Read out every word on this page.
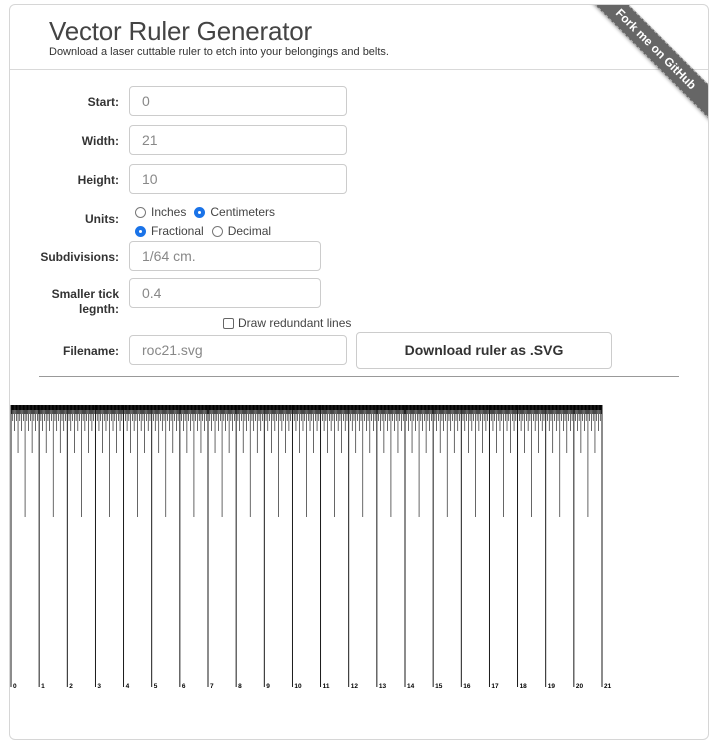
Vector Ruler Generator
Download a laser cuttable ruler to etch into your belongings and belts.	Fork me on GitHub
Start:	0
Width:	21
Height:	10
Units:	Inches Centimeters
Fractional Decimal
Subdivisions:	1/64 cm.
Smaller tick legnth:
0.4
Draw redundant lines
Filename:	roc21.svg	Download ruler as .SVG
0	1	2	3	4	5	6	7	8	9	10	11	12	13	14	15	16	17	18	19	20	21
